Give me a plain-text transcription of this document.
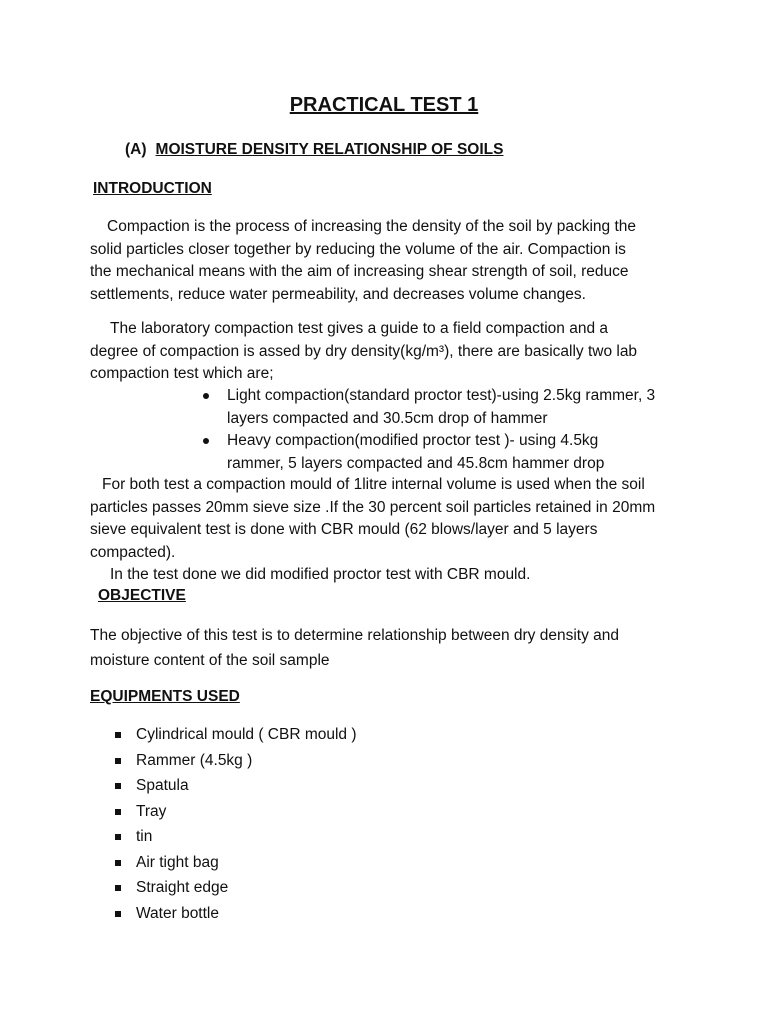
PRACTICAL TEST 1
(A) MOISTURE DENSITY RELATIONSHIP OF SOILS
INTRODUCTION
Compaction is the process of increasing the density of the soil by packing the
solid particles closer together by reducing the volume of the air. Compaction is
the mechanical means with the aim of increasing shear strength of soil, reduce
settlements, reduce water permeability, and decreases volume changes.
The laboratory compaction test gives a guide to a field compaction and a
degree of compaction is assed by dry density(kg/m³), there are basically two lab
compaction test which are;
Light compaction(standard proctor test)-using 2.5kg rammer, 3
layers compacted and 30.5cm drop of hammer
Heavy compaction(modified proctor test )- using 4.5kg
rammer, 5 layers compacted and 45.8cm hammer drop
For both test a compaction mould of 1litre internal volume is used when the soil
particles passes 20mm sieve size .If the 30 percent soil particles retained in 20mm
sieve equivalent test is done with CBR mould (62 blows/layer and 5 layers
compacted).
In the test done we did modified proctor test with CBR mould.
OBJECTIVE
The objective of this test is to determine relationship between dry density and
moisture content of the soil sample
EQUIPMENTS USED
Cylindrical mould ( CBR mould )
Rammer (4.5kg )
Spatula
Tray
tin
Air tight bag
Straight edge
Water bottle
